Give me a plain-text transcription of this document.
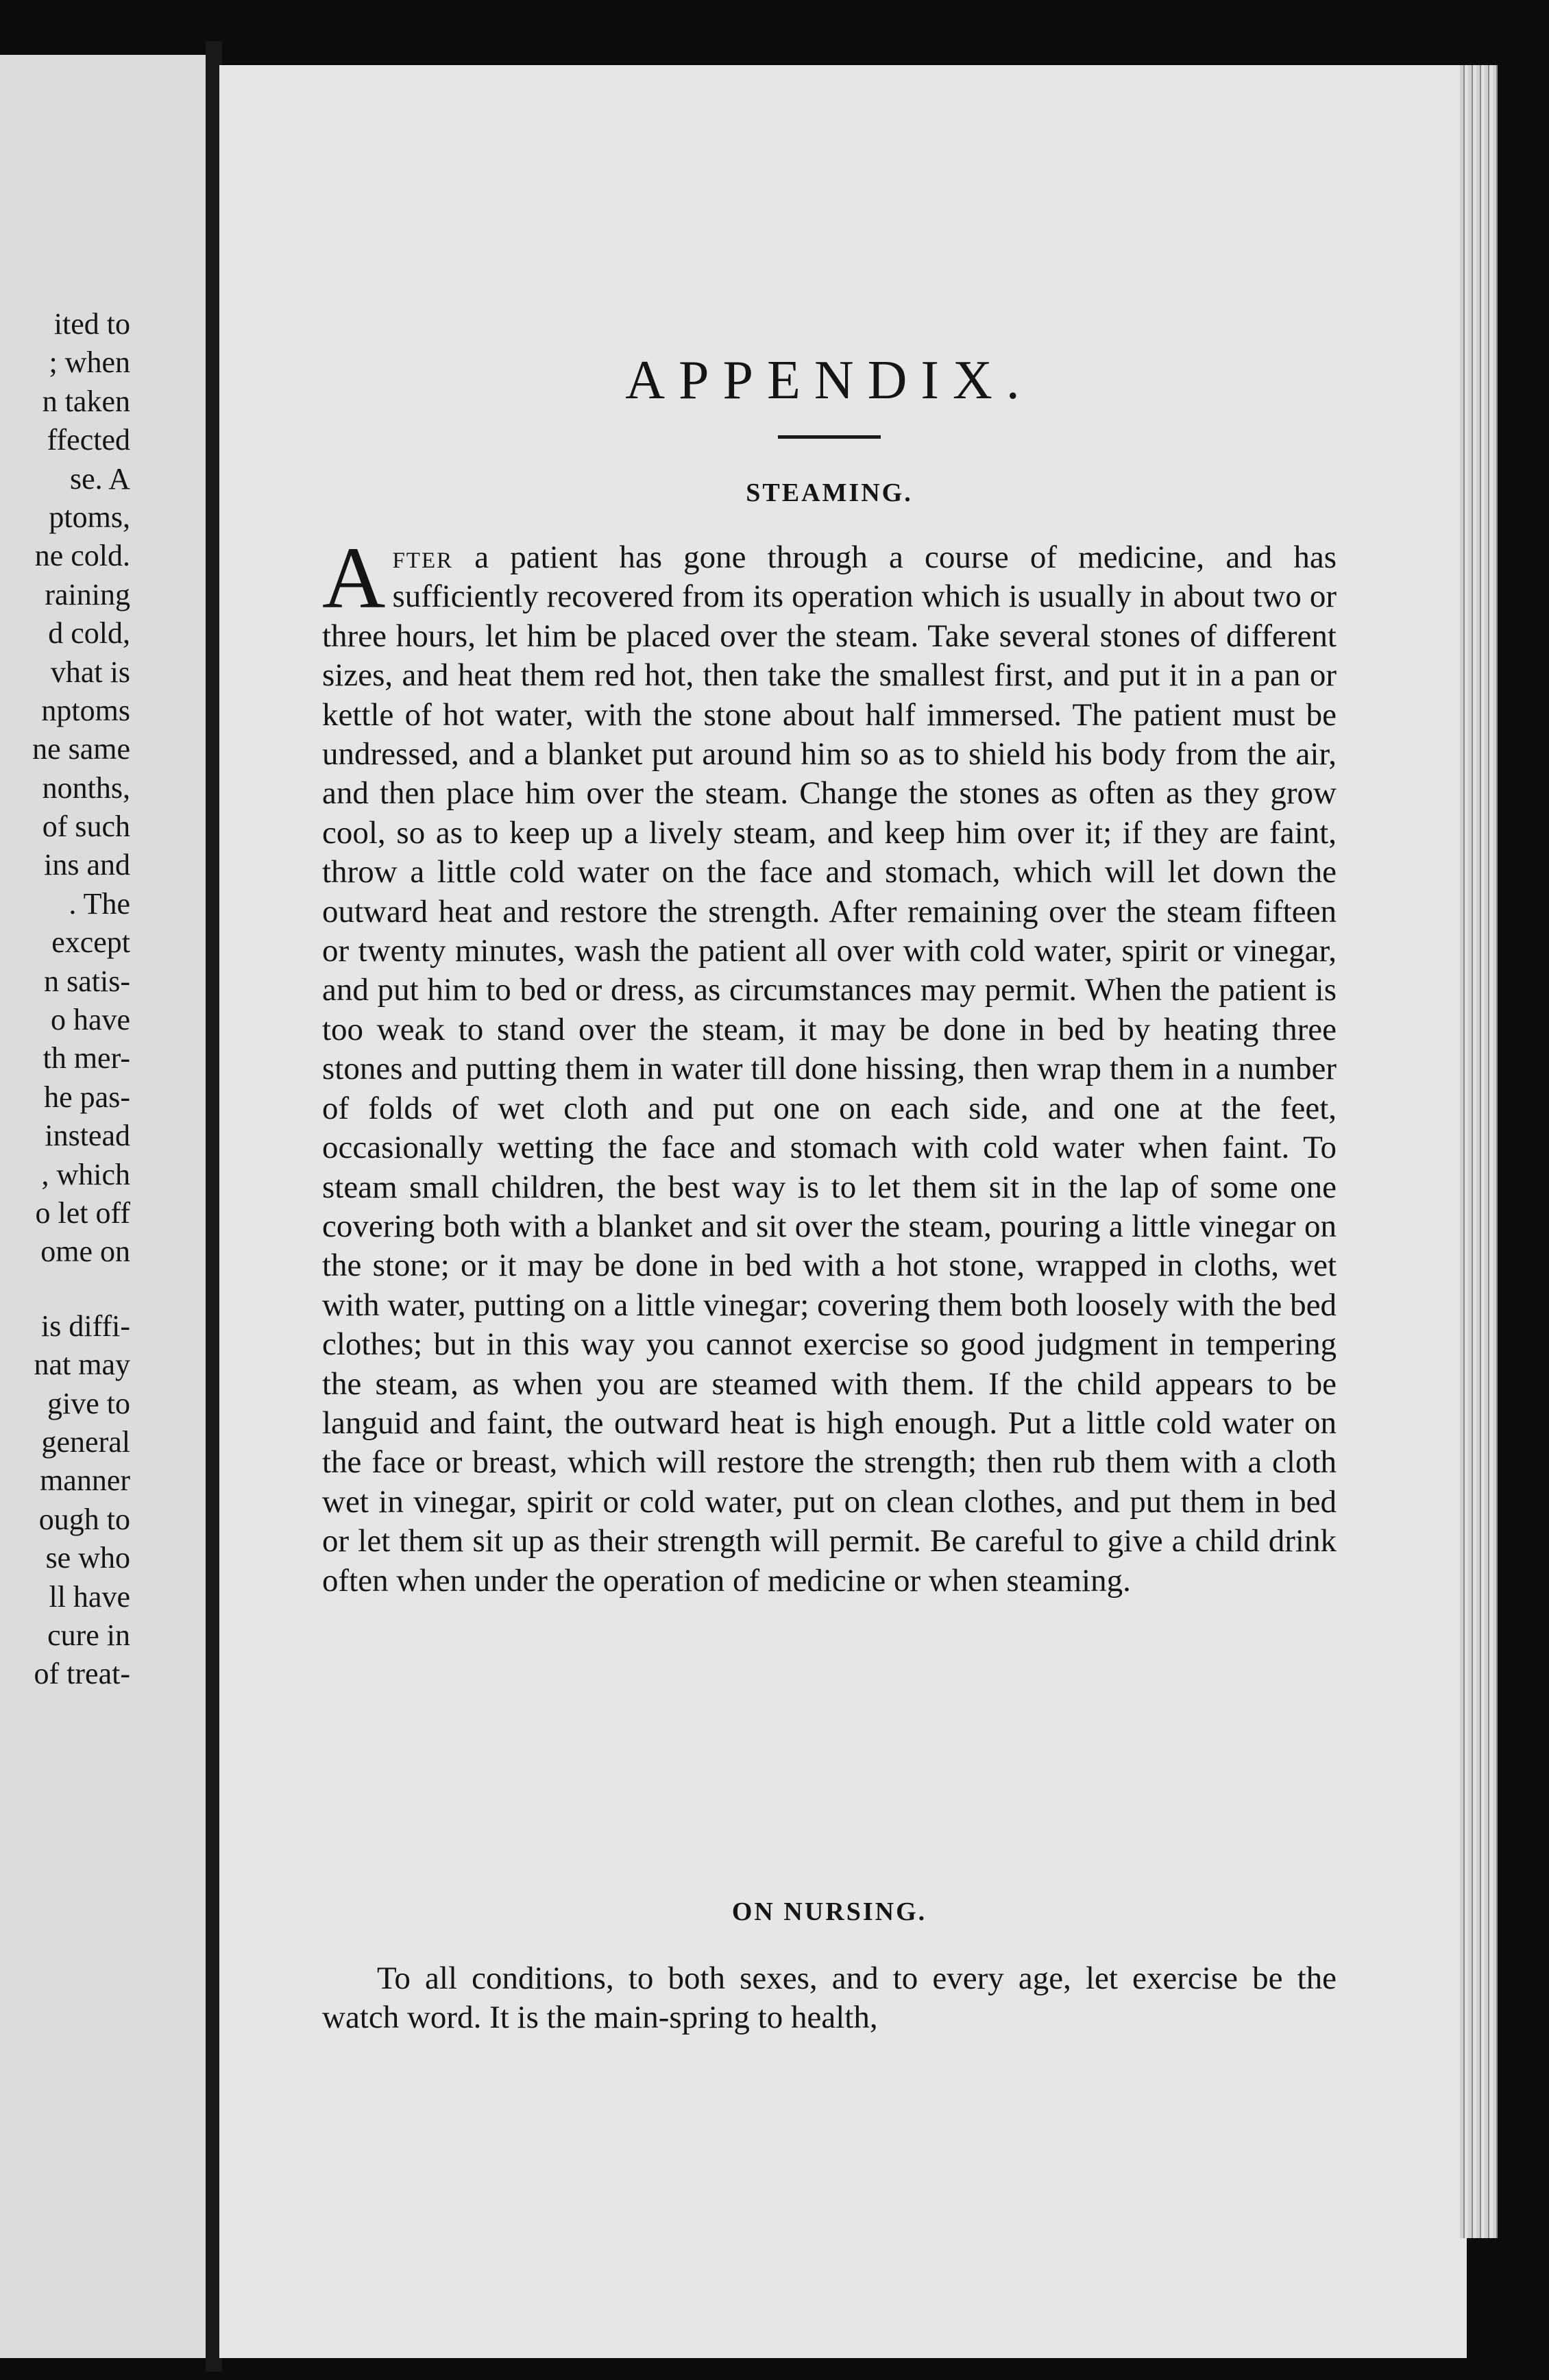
ited to
; when
n taken
ffected
se. A
ptoms,
ne cold.
raining
d cold,
vhat is
nptoms
ne same
nonths,
of such
ins and
. The
except
n satis-
o have
th mer-
he pas-
instead
, which
o let off
ome on
is diffi-
nat may
give to
general
manner
ough to
se who
ll have
cure in
of treat-
APPENDIX.
STEAMING.

After a patient has gone through a course of medicine, and has sufficiently recovered from its operation which is usually in about two or three hours, let him be placed over the steam. Take several stones of different sizes, and heat them red hot, then take the smallest first, and put it in a pan or kettle of hot water, with the stone about half immersed. The patient must be undressed, and a blanket put around him so as to shield his body from the air, and then place him over the steam. Change the stones as often as they grow cool, so as to keep up a lively steam, and keep him over it; if they are faint, throw a little cold water on the face and stomach, which will let down the outward heat and restore the strength. After remaining over the steam fifteen or twenty minutes, wash the patient all over with cold water, spirit or vinegar, and put him to bed or dress, as circumstances may permit. When the patient is too weak to stand over the steam, it may be done in bed by heating three stones and putting them in water till done hissing, then wrap them in a number of folds of wet cloth and put one on each side, and one at the feet, occasionally wetting the face and stomach with cold water when faint. To steam small children, the best way is to let them sit in the lap of some one covering both with a blanket and sit over the steam, pouring a little vinegar on the stone; or it may be done in bed with a hot stone, wrapped in cloths, wet with water, putting on a little vinegar; covering them both loosely with the bed clothes; but in this way you cannot exercise so good judgment in tempering the steam, as when you are steamed with them. If the child appears to be languid and faint, the outward heat is high enough. Put a little cold water on the face or breast, which will restore the strength; then rub them with a cloth wet in vinegar, spirit or cold water, put on clean clothes, and put them in bed or let them sit up as their strength will permit. Be careful to give a child drink often when under the operation of medicine or when steaming.

ON NURSING.

To all conditions, to both sexes, and to every age, let exercise be the watch word. It is the main-spring to health,
